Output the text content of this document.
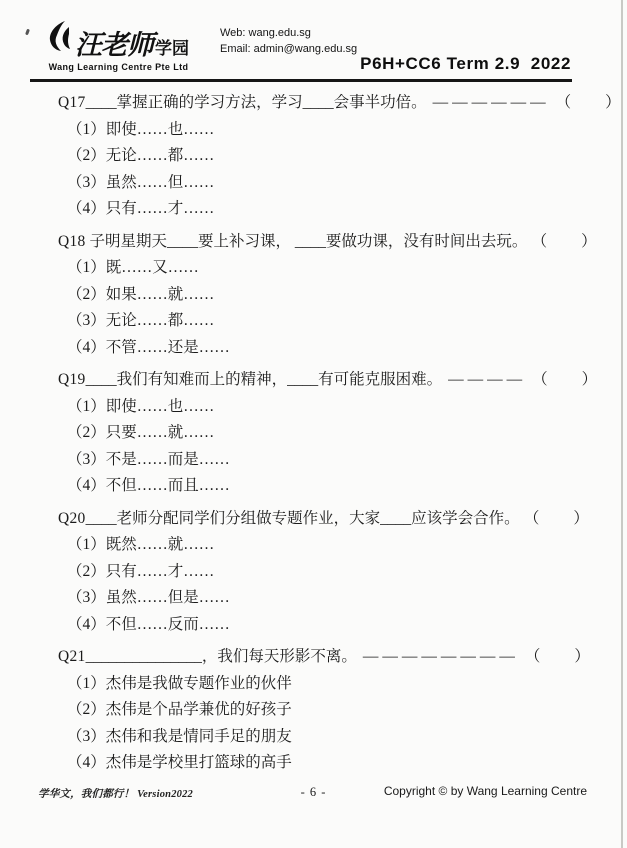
汪老师 学园
Wang Learning Centre Pte Ltd
Web: wang.edu.sg
Email: admin@wang.edu.sg
P6H+CC6 Term 2.9  2022
Q17____掌握正确的学习方法，学习____会事半功倍。 —————— （　　）
（1）即使……也……
（2）无论……都……
（3）虽然……但……
（4）只有……才……
Q18 子明星期天____要上补习课， ____要做功课，没有时间出去玩。 （　　）
（1）既……又……
（2）如果……就……
（3）无论……都……
（4）不管……还是……
Q19____我们有知难而上的精神，____有可能克服困难。 ———— （　　）
（1）即使……也……
（2）只要……就……
（3）不是……而是……
（4）不但……而且……
Q20____老师分配同学们分组做专题作业，大家____应该学会合作。 （　　）
（1）既然……就……
（2）只有……才……
（3）虽然……但是……
（4）不但……反而……
Q21_______________，我们每天形影不离。 ———————— （　　）
（1）杰伟是我做专题作业的伙伴
（2）杰伟是个品学兼优的好孩子
（3）杰伟和我是情同手足的朋友
（4）杰伟是学校里打篮球的高手
学华文，我们都行！ Version2022	- 6 -	Copyright © by Wang Learning Centre
